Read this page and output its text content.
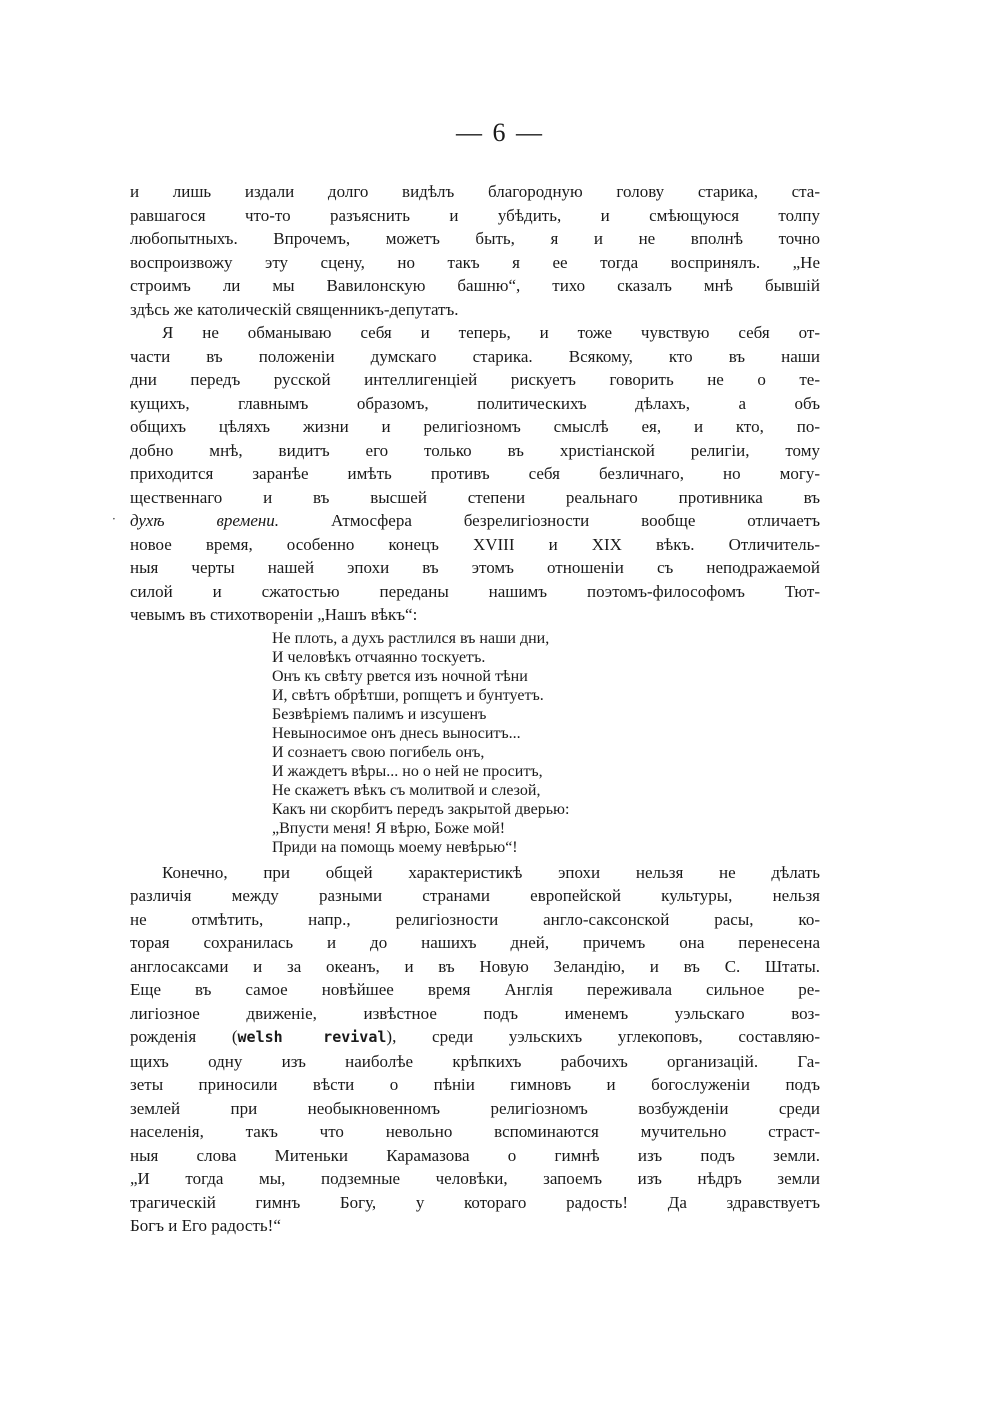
— 6 —
·

и лишь издали долго видѣлъ благородную голову старика, ста-
равшагося что-то разъяснить и убѣдить, и смѣющуюся толпу
любопытныхъ. Впрочемъ, можетъ быть, я и не вполнѣ точно
воспроизвожу эту сцену, но такъ я ее тогда воспринялъ. „Не
строимъ ли мы Вавилонскую башню“, тихо сказалъ мнѣ бывшій
здѣсь же католическій священникъ-депутатъ.

Я не обманываю себя и теперь, и тоже чувствую себя от-
части въ положеніи думскаго старика. Всякому, кто въ наши
дни передъ русской интеллигенціей рискуетъ говорить не о те-
кущихъ, главнымъ образомъ, политическихъ дѣлахъ, а объ
общихъ цѣляхъ жизни и религіозномъ смыслѣ ея, и кто, по-
добно мнѣ, видитъ его только въ христіанской религіи, тому
приходится заранѣе имѣть противъ себя безличнаго, но могу-
щественнаго и въ высшей степени реальнаго противника въ
духѣ времени. Атмосфера безрелигіозности вообще отличаетъ
новое время, особенно конецъ XVIII и XIX вѣкъ. Отличитель-
ныя черты нашей эпохи въ этомъ отношеніи съ неподражаемой
силой и сжатостью переданы нашимъ поэтомъ-философомъ Тют-
чевымъ въ стихотвореніи „Нашъ вѣкъ“:

Не плоть, а духъ растлился въ наши дни,
И человѣкъ отчаянно тоскуетъ.
Онъ къ свѣту рвется изъ ночной тѣни
И, свѣтъ обрѣтши, ропщетъ и бунтуетъ.
Безвѣріемъ палимъ и изсушенъ
Невыносимое онъ днесь выноситъ...
И сознаетъ свою погибель онъ,
И жаждетъ вѣры... но о ней не проситъ,
Не скажетъ вѣкъ съ молитвой и слезой,
Какъ ни скорбитъ передъ закрытой дверью:
„Впусти меня! Я вѣрю, Боже мой!
Приди на помощь моему невѣрью“!

Конечно, при общей характеристикѣ эпохи нельзя не дѣлать
различія между разными странами европейской культуры, нельзя
не отмѣтить, напр., религіозности англо-саксонской расы, ко-
торая сохранилась и до нашихъ дней, причемъ она перенесена
англосаксами и за океанъ, и въ Новую Зеландію, и въ С. Штаты.
Еще въ самое новѣйшее время Англія переживала сильное ре-
лигіозное движеніе, извѣстное подъ именемъ уэльскаго воз-
рожденія (welsh revival), среди уэльскихъ углекоповъ, составляю-
щихъ одну изъ наиболѣе крѣпкихъ рабочихъ организацій. Га-
зеты приносили вѣсти о пѣніи гимновъ и богослуженіи подъ
землей при необыкновенномъ религіозномъ возбужденіи среди
населенія, такъ что невольно вспоминаются мучительно страст-
ныя слова Митеньки Карамазова о гимнѣ изъ подъ земли.
„И тогда мы, подземные человѣки, запоемъ изъ нѣдръ земли
трагическій гимнъ Богу, у котораго радость! Да здравствуетъ
Богъ и Его радость!“
